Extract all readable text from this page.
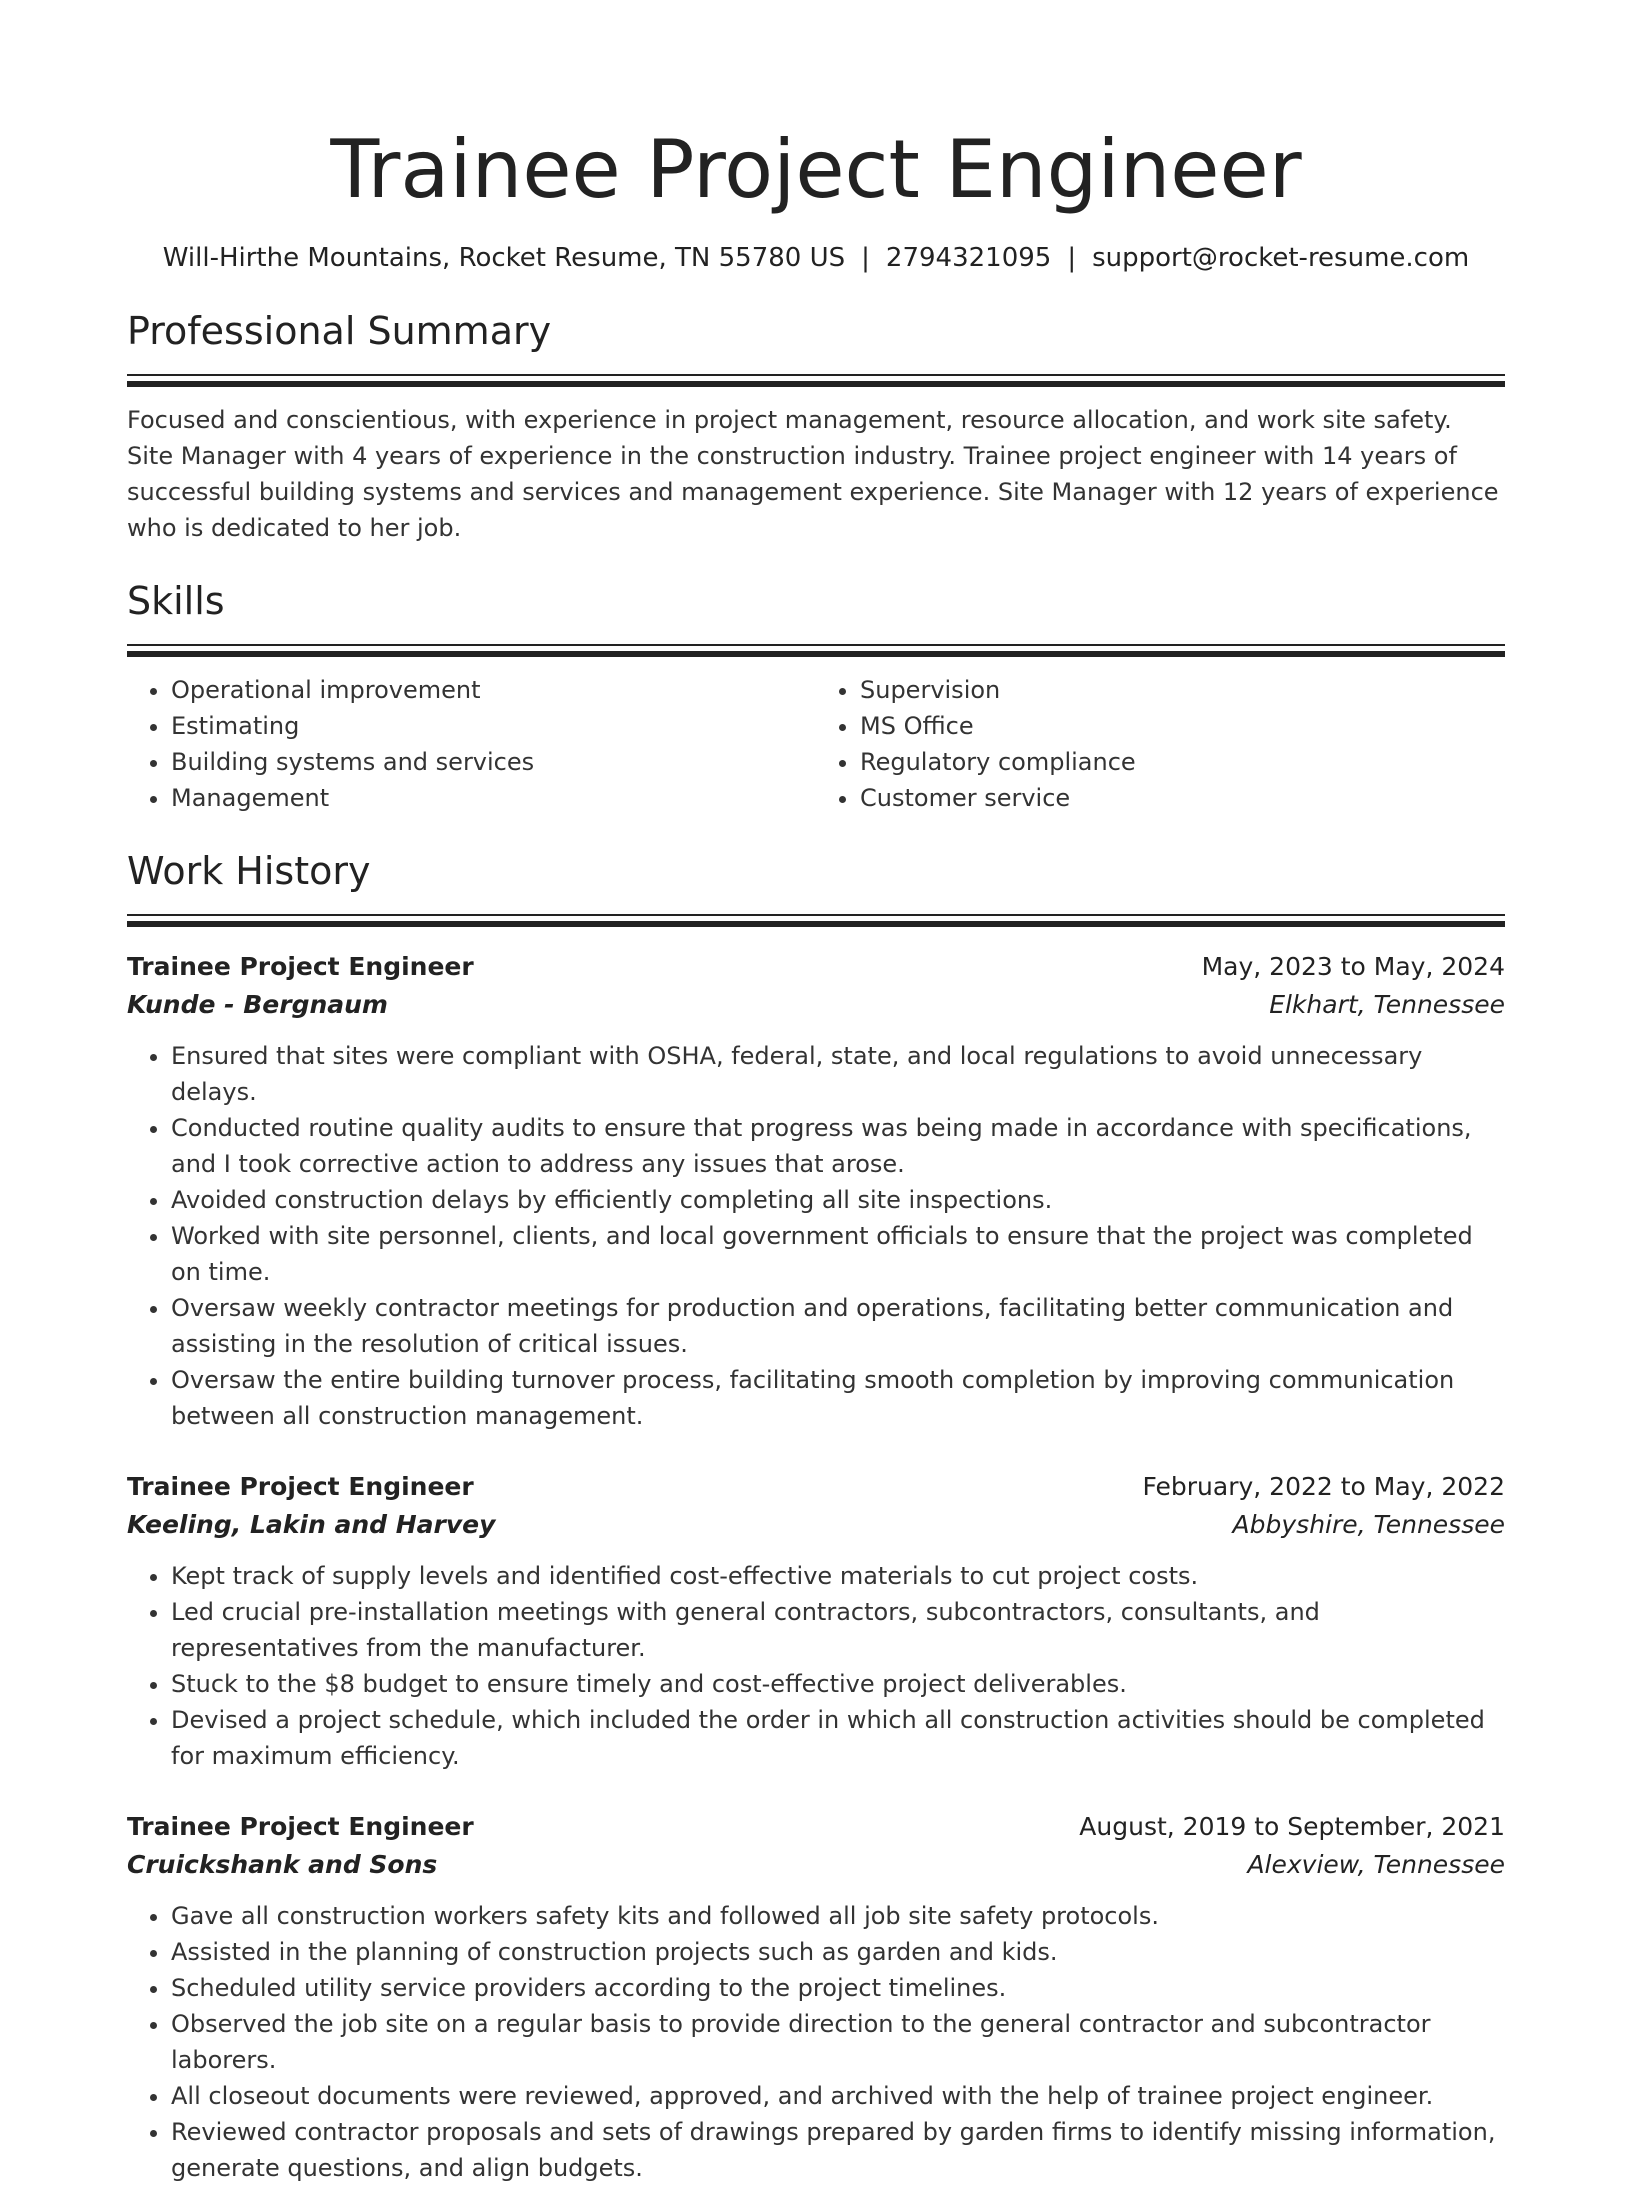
Trainee Project Engineer
Will-Hirthe Mountains, Rocket Resume, TN 55780 US | 2794321095 | support@rocket-resume.com
Professional Summary
Focused and conscientious, with experience in project management, resource allocation, and work site safety. Site Manager with 4 years of experience in the construction industry. Trainee project engineer with 14 years of successful building systems and services and management experience. Site Manager with 12 years of experience who is dedicated to her job.
Skills
• Operational improvement
• Estimating
• Building systems and services
• Management
• Supervision
• MS Office
• Regulatory compliance
• Customer service
Work History
Trainee Project Engineer	May, 2023 to May, 2024
Kunde - Bergnaum	Elkhart, Tennessee
• Ensured that sites were compliant with OSHA, federal, state, and local regulations to avoid unnecessary delays.
• Conducted routine quality audits to ensure that progress was being made in accordance with specifications, and I took corrective action to address any issues that arose.
• Avoided construction delays by efficiently completing all site inspections.
• Worked with site personnel, clients, and local government officials to ensure that the project was completed on time.
• Oversaw weekly contractor meetings for production and operations, facilitating better communication and assisting in the resolution of critical issues.
• Oversaw the entire building turnover process, facilitating smooth completion by improving communication between all construction management.
Trainee Project Engineer	February, 2022 to May, 2022
Keeling, Lakin and Harvey	Abbyshire, Tennessee
• Kept track of supply levels and identified cost-effective materials to cut project costs.
• Led crucial pre-installation meetings with general contractors, subcontractors, consultants, and representatives from the manufacturer.
• Stuck to the $8 budget to ensure timely and cost-effective project deliverables.
• Devised a project schedule, which included the order in which all construction activities should be completed for maximum efficiency.
Trainee Project Engineer	August, 2019 to September, 2021
Cruickshank and Sons	Alexview, Tennessee
• Gave all construction workers safety kits and followed all job site safety protocols.
• Assisted in the planning of construction projects such as garden and kids.
• Scheduled utility service providers according to the project timelines.
• Observed the job site on a regular basis to provide direction to the general contractor and subcontractor laborers.
• All closeout documents were reviewed, approved, and archived with the help of trainee project engineer.
• Reviewed contractor proposals and sets of drawings prepared by garden firms to identify missing information, generate questions, and align budgets.
